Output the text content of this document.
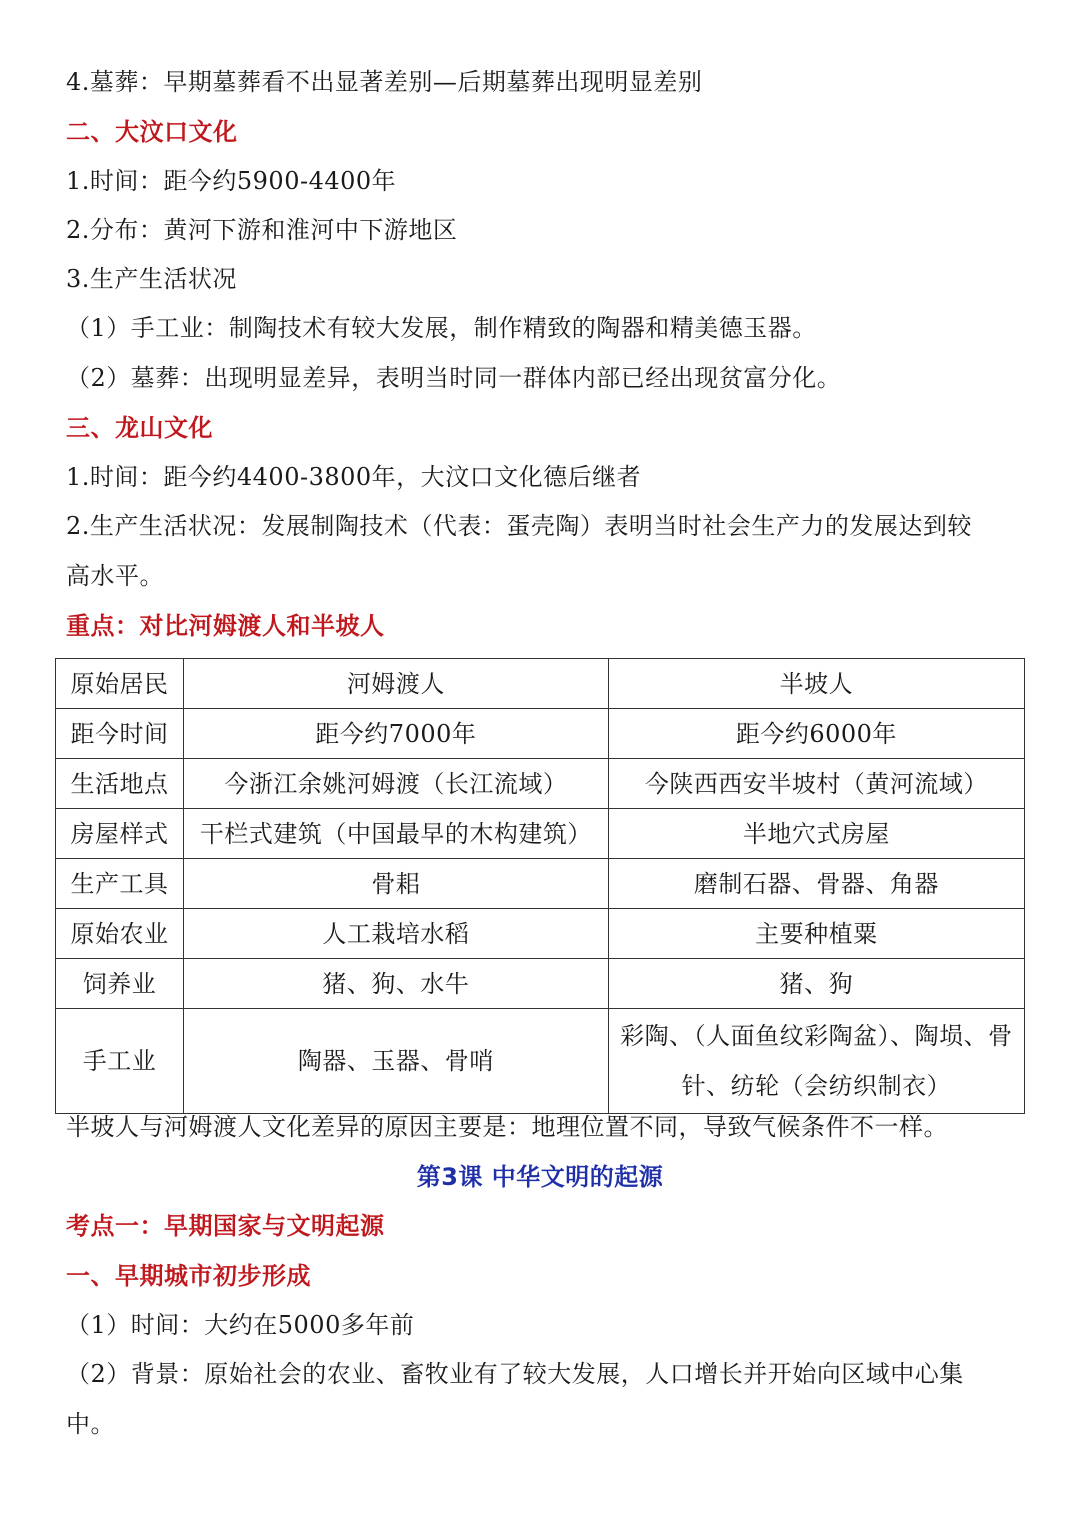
4.墓葬：早期墓葬看不出显著差别—后期墓葬出现明显差别
二、大汶口文化
1.时间：距今约5900-4400年
2.分布：黄河下游和淮河中下游地区
3.生产生活状况
（1）手工业：制陶技术有较大发展，制作精致的陶器和精美德玉器。
（2）墓葬：出现明显差异，表明当时同一群体内部已经出现贫富分化。
三、龙山文化
1.时间：距今约4400-3800年，大汶口文化德后继者
2.生产生活状况：发展制陶技术（代表：蛋壳陶）表明当时社会生产力的发展达到较
高水平。
重点：对比河姆渡人和半坡人
原始居民	河姆渡人	半坡人
距今时间	距今约7000年	距今约6000年
生活地点	今浙江余姚河姆渡（长江流域）	今陕西西安半坡村（黄河流域）
房屋样式	干栏式建筑（中国最早的木构建筑）	半地穴式房屋
生产工具	骨耜	磨制石器、骨器、角器
原始农业	人工栽培水稻	主要种植粟
饲养业	猪、狗、水牛	猪、狗
手工业	陶器、玉器、骨哨	彩陶、（人面鱼纹彩陶盆）、陶埙、骨针、纺轮（会纺织制衣）
半坡人与河姆渡人文化差异的原因主要是：地理位置不同，导致气候条件不一样。
第3课 中华文明的起源
考点一：早期国家与文明起源
一、早期城市初步形成
（1）时间：大约在5000多年前
（2）背景：原始社会的农业、畜牧业有了较大发展，人口增长并开始向区域中心集
中。
